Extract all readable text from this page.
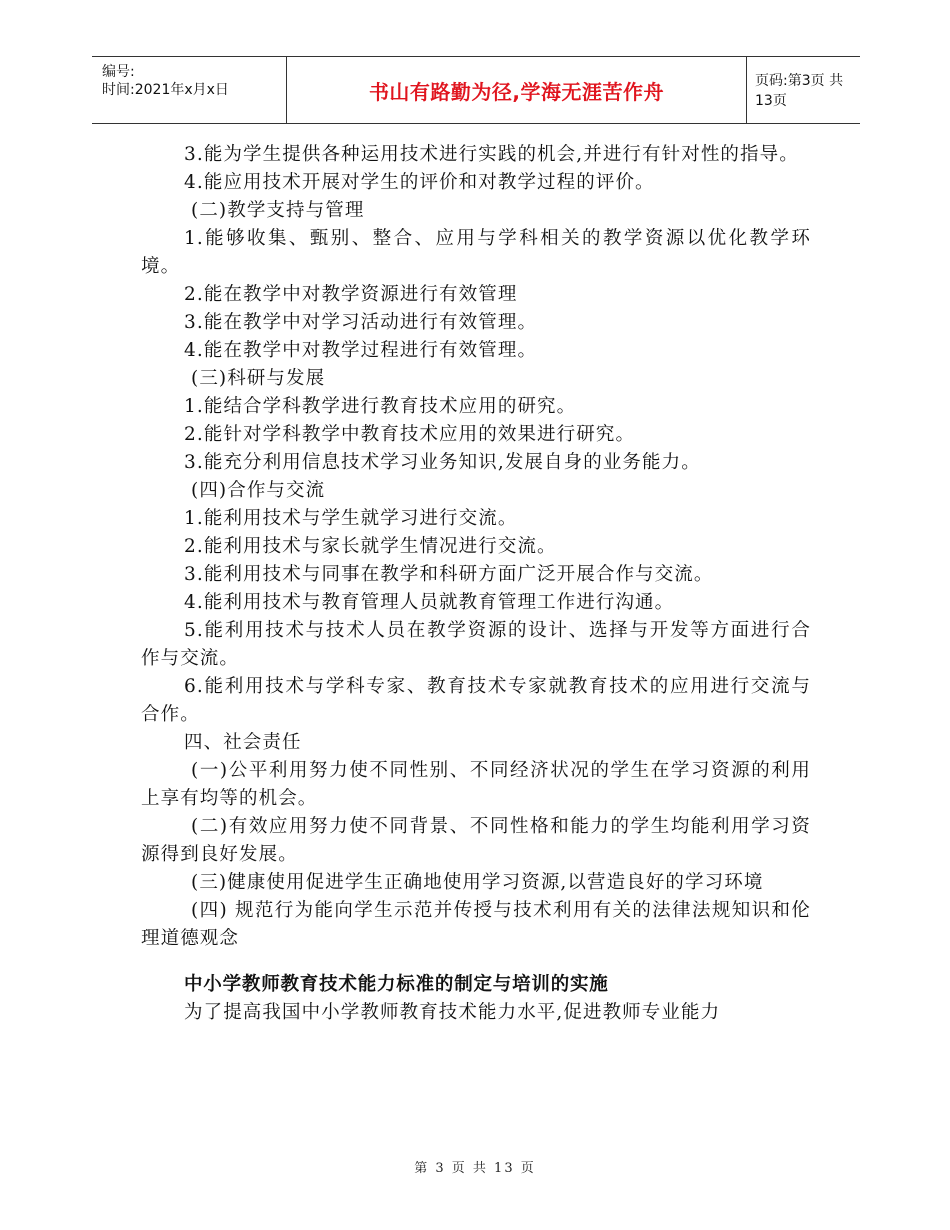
编号:
时间:2021年x月x日	书山有路勤为径,学海无涯苦作舟	页码:第3页 共13页

3.能为学生提供各种运用技术进行实践的机会,并进行有针对性的指导。

4.能应用技术开展对学生的评价和对教学过程的评价。

(二)教学支持与管理

1.能够收集、甄别、整合、应用与学科相关的教学资源以优化教学环境。

2.能在教学中对教学资源进行有效管理

3.能在教学中对学习活动进行有效管理。

4.能在教学中对教学过程进行有效管理。

(三)科研与发展

1.能结合学科教学进行教育技术应用的研究。

2.能针对学科教学中教育技术应用的效果进行研究。

3.能充分利用信息技术学习业务知识,发展自身的业务能力。

(四)合作与交流

1.能利用技术与学生就学习进行交流。

2.能利用技术与家长就学生情况进行交流。

3.能利用技术与同事在教学和科研方面广泛开展合作与交流。

4.能利用技术与教育管理人员就教育管理工作进行沟通。

5.能利用技术与技术人员在教学资源的设计、选择与开发等方面进行合作与交流。

6.能利用技术与学科专家、教育技术专家就教育技术的应用进行交流与合作。

四、社会责任

(一)公平利用努力使不同性别、不同经济状况的学生在学习资源的利用上享有均等的机会。

(二)有效应用努力使不同背景、不同性格和能力的学生均能利用学习资源得到良好发展。

(三)健康使用促进学生正确地使用学习资源,以营造良好的学习环境

(四) 规范行为能向学生示范并传授与技术利用有关的法律法规知识和伦理道德观念

中小学教师教育技术能力标准的制定与培训的实施

为了提高我国中小学教师教育技术能力水平,促进教师专业能力

第 3 页 共 13 页
